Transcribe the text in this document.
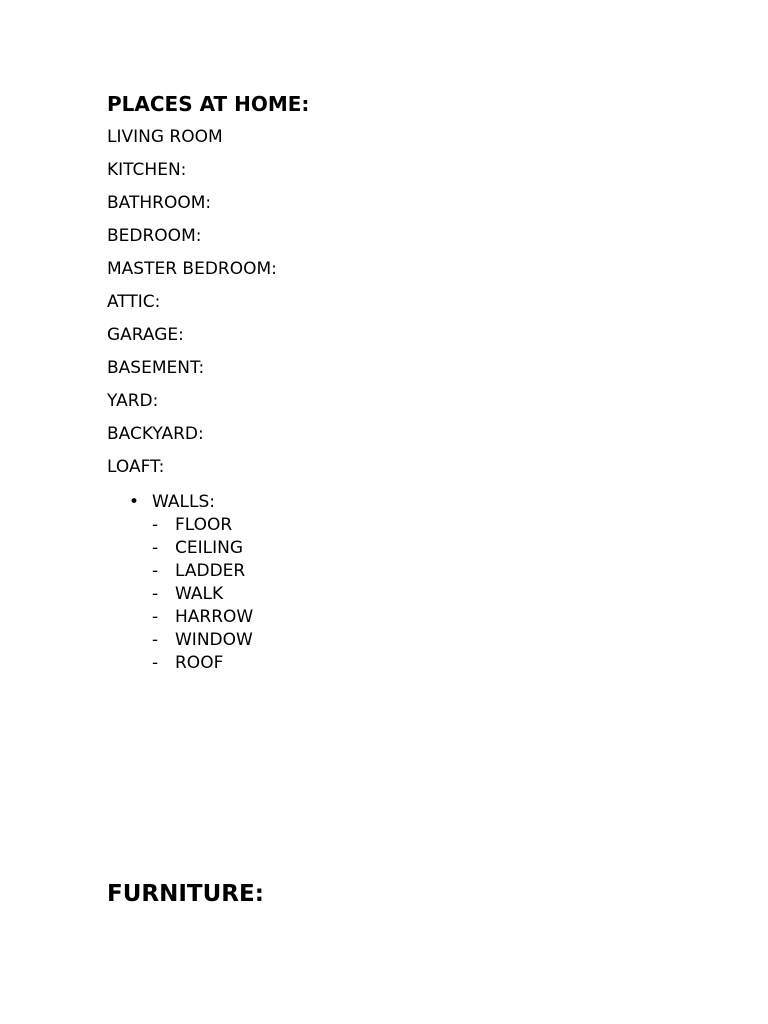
PLACES AT HOME:
LIVING ROOM
KITCHEN:
BATHROOM:
BEDROOM:
MASTER BEDROOM:
ATTIC:
GARAGE:
BASEMENT:
YARD:
BACKYARD:
LOAFT:
• WALLS:
- FLOOR
- CEILING
- LADDER
- WALK
- HARROW
- WINDOW
- ROOF
FURNITURE:
